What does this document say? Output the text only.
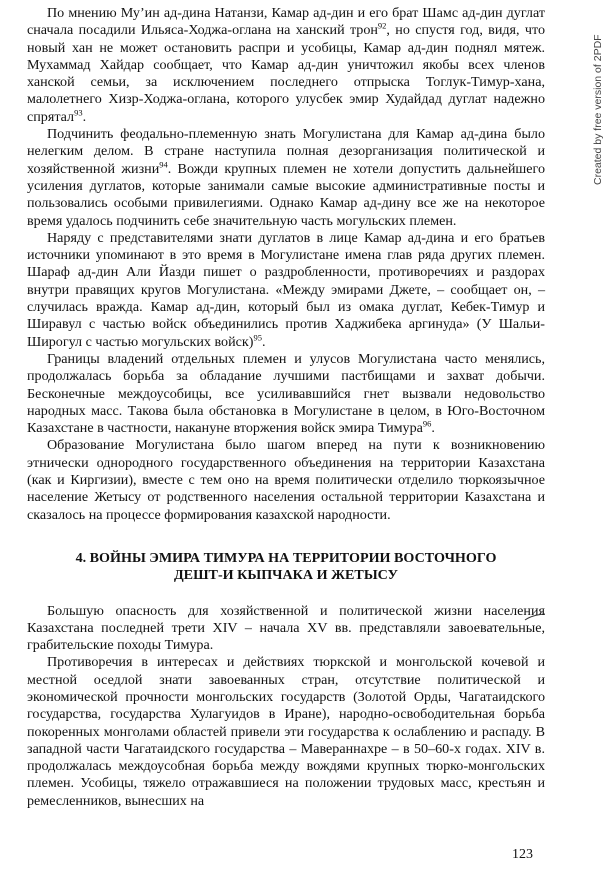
По мнению Му’ин ад-дина Натанзи, Камар ад-дин и его брат Шамс ад-дин дуглат сначала посадили Ильяса-Ходжа-оглана на ханский трон$^{92}$, но спустя год, видя, что новый хан не может остановить распри и усобицы, Камар ад-дин поднял мятеж. Мухаммад Хайдар сообщает, что Камар ад-дин уничтожил якобы всех членов ханской семьи, за исключением последнего отпрыска Тоглук-Тимур-хана, малолетнего Хизр-Ходжа-оглана, которого улусбек эмир Худайдад дуглат надежно спрятал$^{93}$.

Подчинить феодально-племенную знать Могулистана для Камар ад-дина было нелегким делом. В стране наступила полная дезорганизация политической и хозяйственной жизни$^{94}$. Вожди крупных племен не хотели допустить дальнейшего усиления дуглатов, которые занимали самые высокие административные посты и пользовались особыми привилегиями. Однако Камар ад-дину все же на некоторое время удалось подчинить себе значительную часть могульских племен.

Наряду с представителями знати дуглатов в лице Камар ад-дина и его братьев источники упоминают в это время в Могулистане имена глав ряда других племен. Шараф ад-дин Али Йазди пишет о раздробленности, противоречиях и раздорах внутри правящих кругов Могулистана. «Между эмирами Джете, – сообщает он, – случилась вражда. Камар ад-дин, который был из омака дуглат, Кебек-Тимур и Ширавул с частью войск объединились против Хаджибека аргинуда» (У Шальи-Широгул с частью могульских войск)$^{95}$.

Границы владений отдельных племен и улусов Могулистана часто менялись, продолжалась борьба за обладание лучшими пастбищами и захват добычи. Бесконечные междоусобицы, все усиливавшийся гнет вызвали недовольство народных масс. Такова была обстановка в Могулистане в целом, в Юго-Восточном Казахстане в частности, накануне вторжения войск эмира Тимура$^{96}$.

Образование Могулистана было шагом вперед на пути к возникновению этнически однородного государственного объединения на территории Казахстана (как и Киргизии), вместе с тем оно на время политически отделило тюркоязычное население Жетысу от родственного населения остальной территории Казахстана и сказалось на процессе формирования казахской народности.

4. ВОЙНЫ ЭМИРА ТИМУРА НА ТЕРРИТОРИИ ВОСТОЧНОГО
ДЕШТ-И КЫПЧАКА И ЖЕТЫСУ

Большую опасность для хозяйственной и политической жизни населения Казахстана последней трети XIV – начала XV вв. представляли завоевательные, грабительские походы Тимура.

Противоречия в интересах и действиях тюркской и монгольской кочевой и местной оседлой знати завоеванных стран, отсутствие политической и экономической прочности монгольских государств (Золотой Орды, Чагатаидского государства, государства Хулагуидов в Иране), народно-освободительная борьба покоренных монголами областей привели эти государства к ослаблению и распаду. В западной части Чагатаидского государства – Мавераннахре – в 50–60-х годах. XIV в. продолжалась междоусобная борьба между вождями крупных тюрко-монгольских племен. Усобицы, тяжело отражавшиеся на положении трудовых масс, крестьян и ремесленников, вынесших на

Created by free version of 2PDF
123
